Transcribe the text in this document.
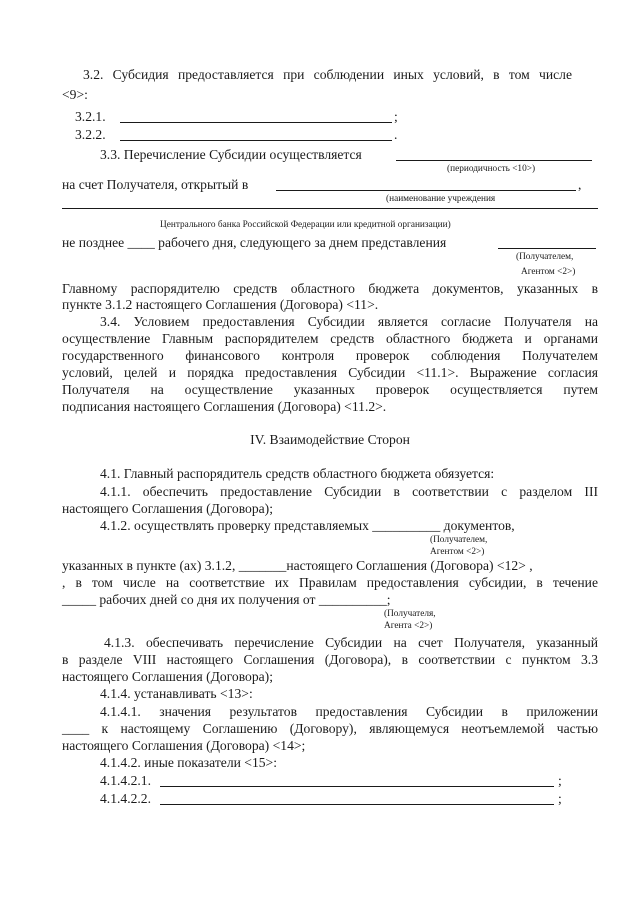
3.2. Субсидия предоставляется при соблюдении иных условий, в том числе
<9>:
3.2.1.	;
3.2.2.	.
3.3. Перечисление Субсидии осуществляется
(периодичность <10>)
на счет Получателя, открытый в	,
(наименование учреждения
Центрального банка Российской Федерации или кредитной организации)
не позднее ____ рабочего дня, следующего за днем представления
(Получателем,
Агентом <2>)
Главному распорядителю средств областного бюджета документов, указанных в
пункте 3.1.2 настоящего Соглашения (Договора) <11>.
3.4. Условием предоставления Субсидии является согласие Получателя на
осуществление Главным распорядителем средств областного бюджета и органами
государственного финансового контроля проверок соблюдения Получателем
условий, целей и порядка предоставления Субсидии <11.1>. Выражение согласия
Получателя на осуществление указанных проверок осуществляется путем
подписания настоящего Соглашения (Договора) <11.2>.
IV. Взаимодействие Сторон
4.1. Главный распорядитель средств областного бюджета обязуется:
4.1.1. обеспечить предоставление Субсидии в соответствии с разделом III
настоящего Соглашения (Договора);
4.1.2. осуществлять проверку представляемых __________ документов,
(Получателем,
Агентом <2>)
указанных в пункте (ах) 3.1.2, _______настоящего Соглашения (Договора) <12> ,
, в том числе на соответствие их Правилам предоставления субсидии, в течение
_____ рабочих дней со дня их получения от __________;
(Получателя,
Агента <2>)
4.1.3. обеспечивать перечисление Субсидии на счет Получателя, указанный
в разделе VIII настоящего Соглашения (Договора), в соответствии с пунктом 3.3
настоящего Соглашения (Договора);
4.1.4. устанавливать <13>:
4.1.4.1. значения результатов предоставления Субсидии в приложении
____ к настоящему Соглашению (Договору), являющемуся неотъемлемой частью
настоящего Соглашения (Договора) <14>;
4.1.4.2. иные показатели <15>:
4.1.4.2.1.	;
4.1.4.2.2.	;
